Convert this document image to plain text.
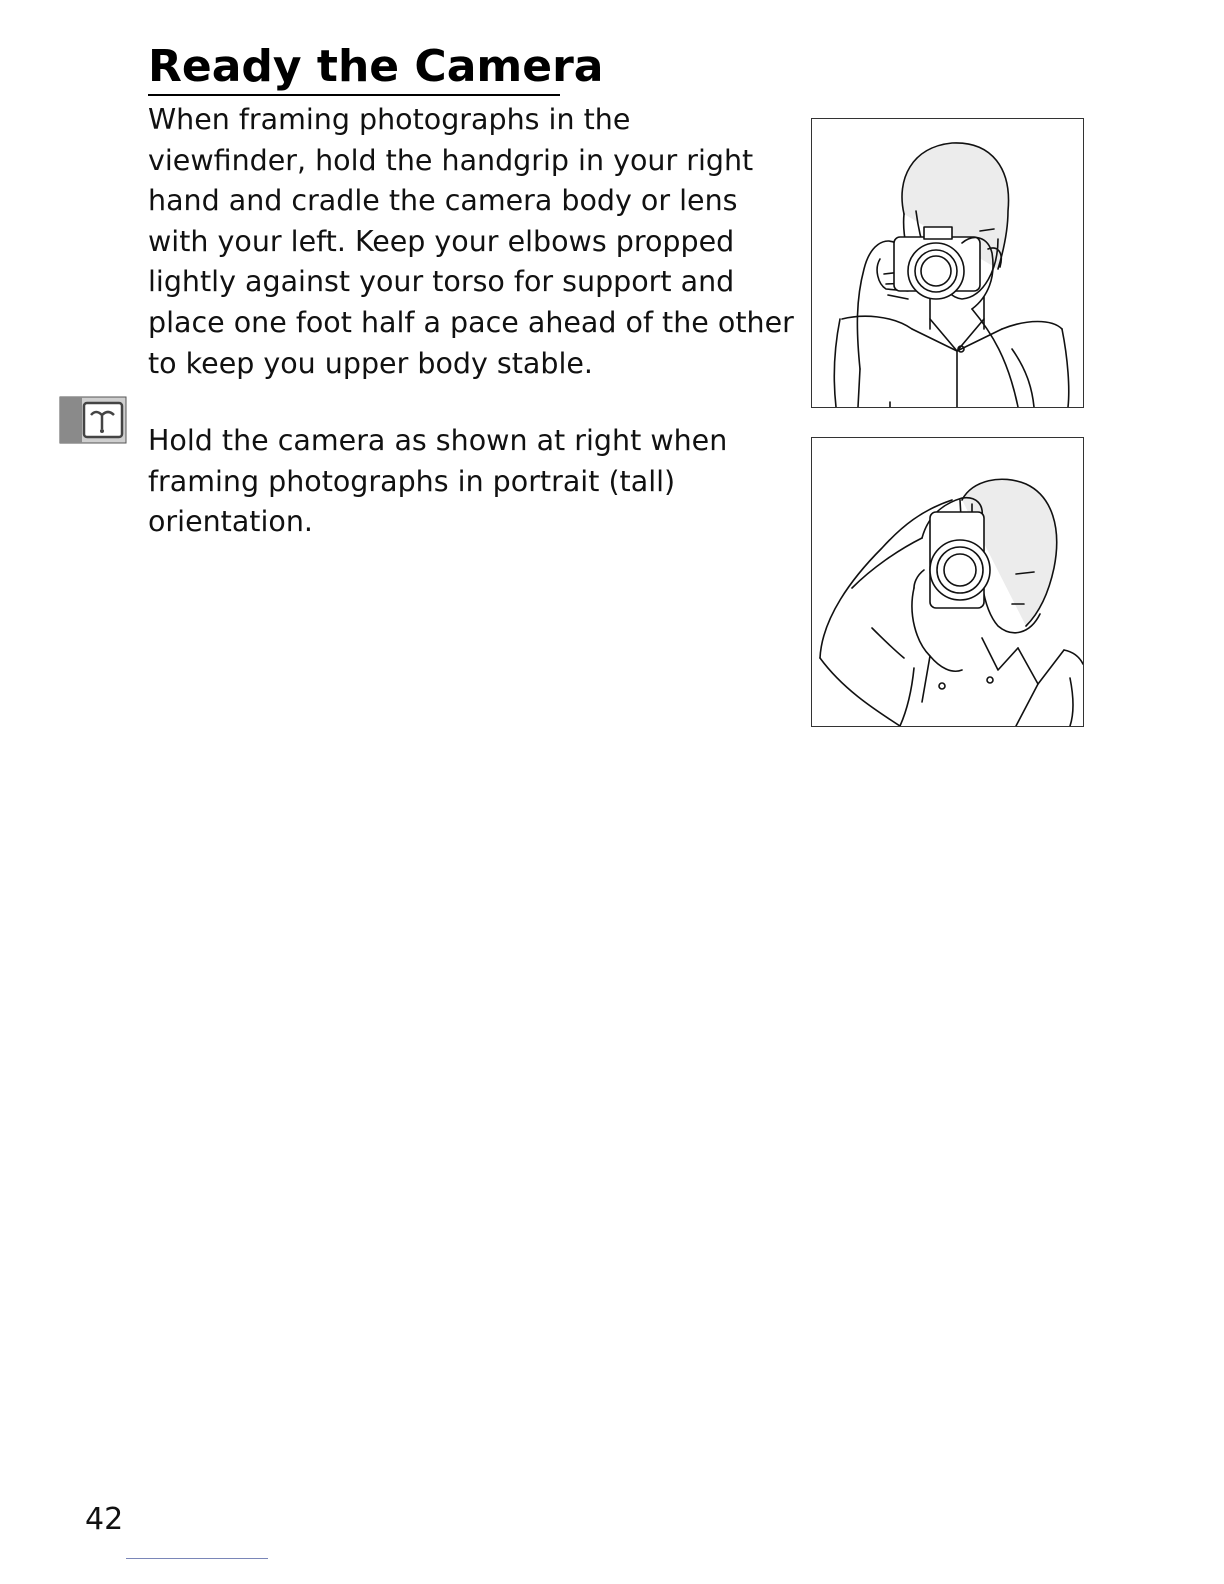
Ready the Camera
When framing photographs in the
viewfinder, hold the handgrip in your right
hand and cradle the camera body or lens
with your left. Keep your elbows propped
lightly against your torso for support and
place one foot half a pace ahead of the other
to keep you upper body stable.
Hold the camera as shown at right when
framing photographs in portrait (tall)
orientation.
42
